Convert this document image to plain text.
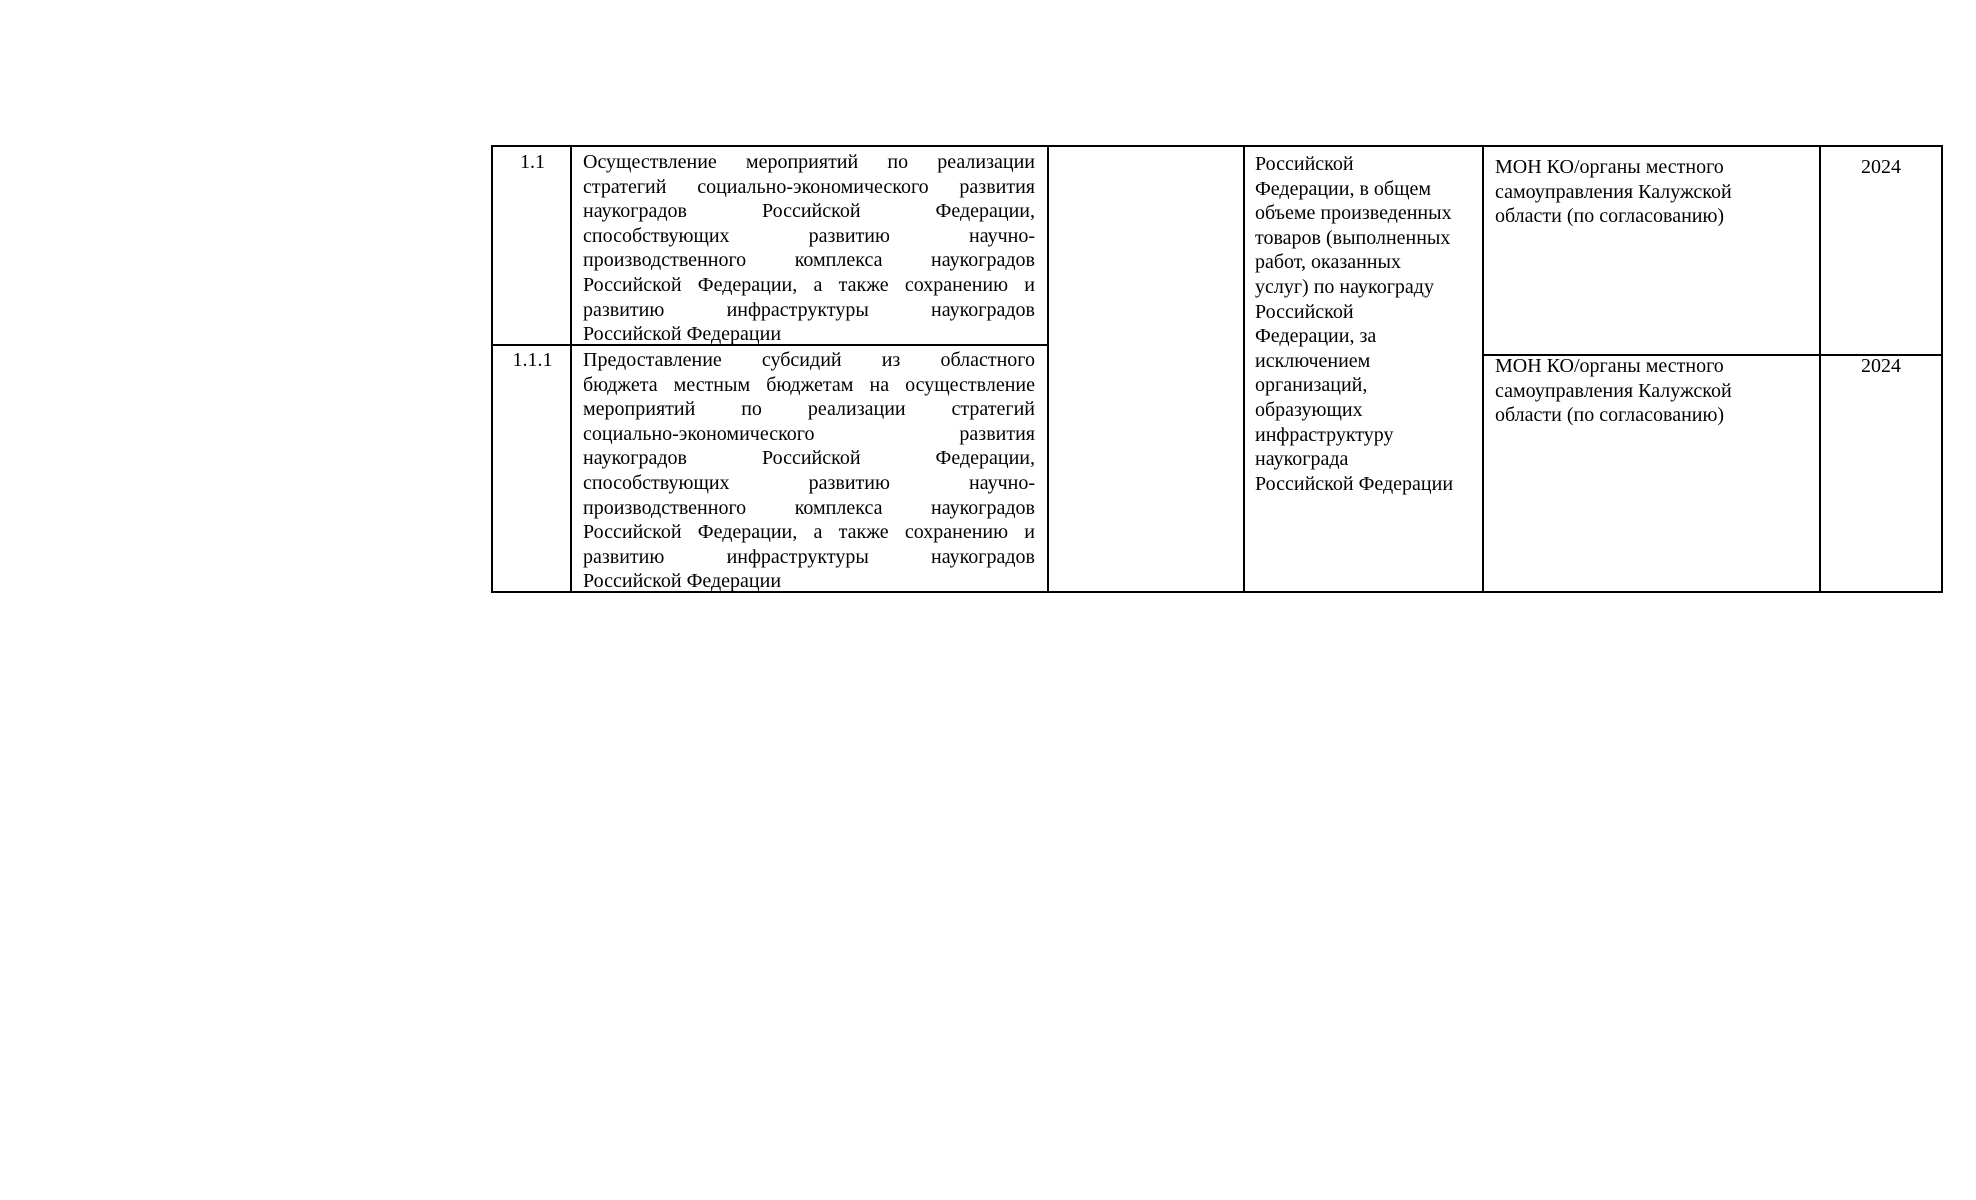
1.1	Осуществление мероприятий по реализации
стратегий социально-экономического развития
наукоградов Российской Федерации,
способствующих развитию научно-
производственного комплекса наукоградов
Российской Федерации, а также сохранению и
развитию инфраструктуры наукоградов
Российской Федерации
1.1.1	Предоставление субсидий из областного
бюджета местным бюджетам на осуществление
мероприятий по реализации стратегий
социально-экономического развития
наукоградов Российской Федерации,
способствующих развитию научно-
производственного комплекса наукоградов
Российской Федерации, а также сохранению и
развитию инфраструктуры наукоградов
Российской Федерации
Российской
Федерации, в общем
объеме произведенных
товаров (выполненных
работ, оказанных
услуг) по наукограду
Российской
Федерации, за
исключением
организаций,
образующих
инфраструктуру
наукограда
Российской Федерации
МОН КО/органы местного
самоуправления Калужской
области (по согласованию)
2024
МОН КО/органы местного
самоуправления Калужской
области (по согласованию)
2024
